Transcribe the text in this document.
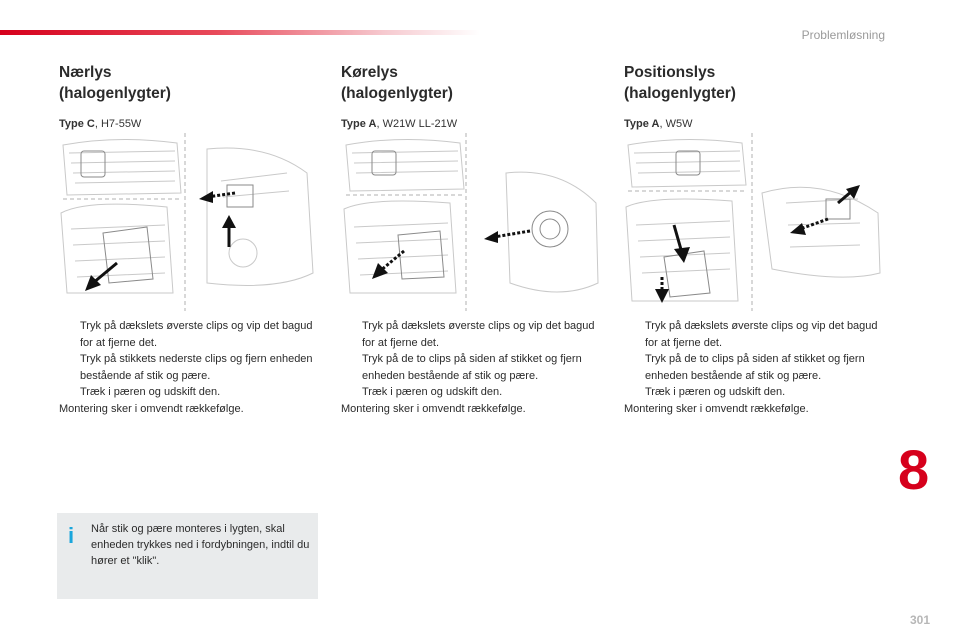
Problemløsning
Nærlys
(halogenlygter)
Type C, H7-55W
Tryk på dækslets øverste clips og vip det bagud for at fjerne det.
Tryk på stikkets nederste clips og fjern enheden bestående af stik og pære.
Træk i pæren og udskift den.
Montering sker i omvendt rækkefølge.
Kørelys
(halogenlygter)
Type A, W21W LL-21W
Tryk på dækslets øverste clips og vip det bagud for at fjerne det.
Tryk på de to clips på siden af stikket og fjern enheden bestående af stik og pære.
Træk i pæren og udskift den.
Montering sker i omvendt rækkefølge.
Positionslys
(halogenlygter)
Type A, W5W
Tryk på dækslets øverste clips og vip det bagud for at fjerne det.
Tryk på de to clips på siden af stikket og fjern enheden bestående af stik og pære.
Træk i pæren og udskift den.
Montering sker i omvendt rækkefølge.
i Når stik og pære monteres i lygten, skal enheden trykkes ned i fordybningen, indtil du hører et "klik".
8
301
